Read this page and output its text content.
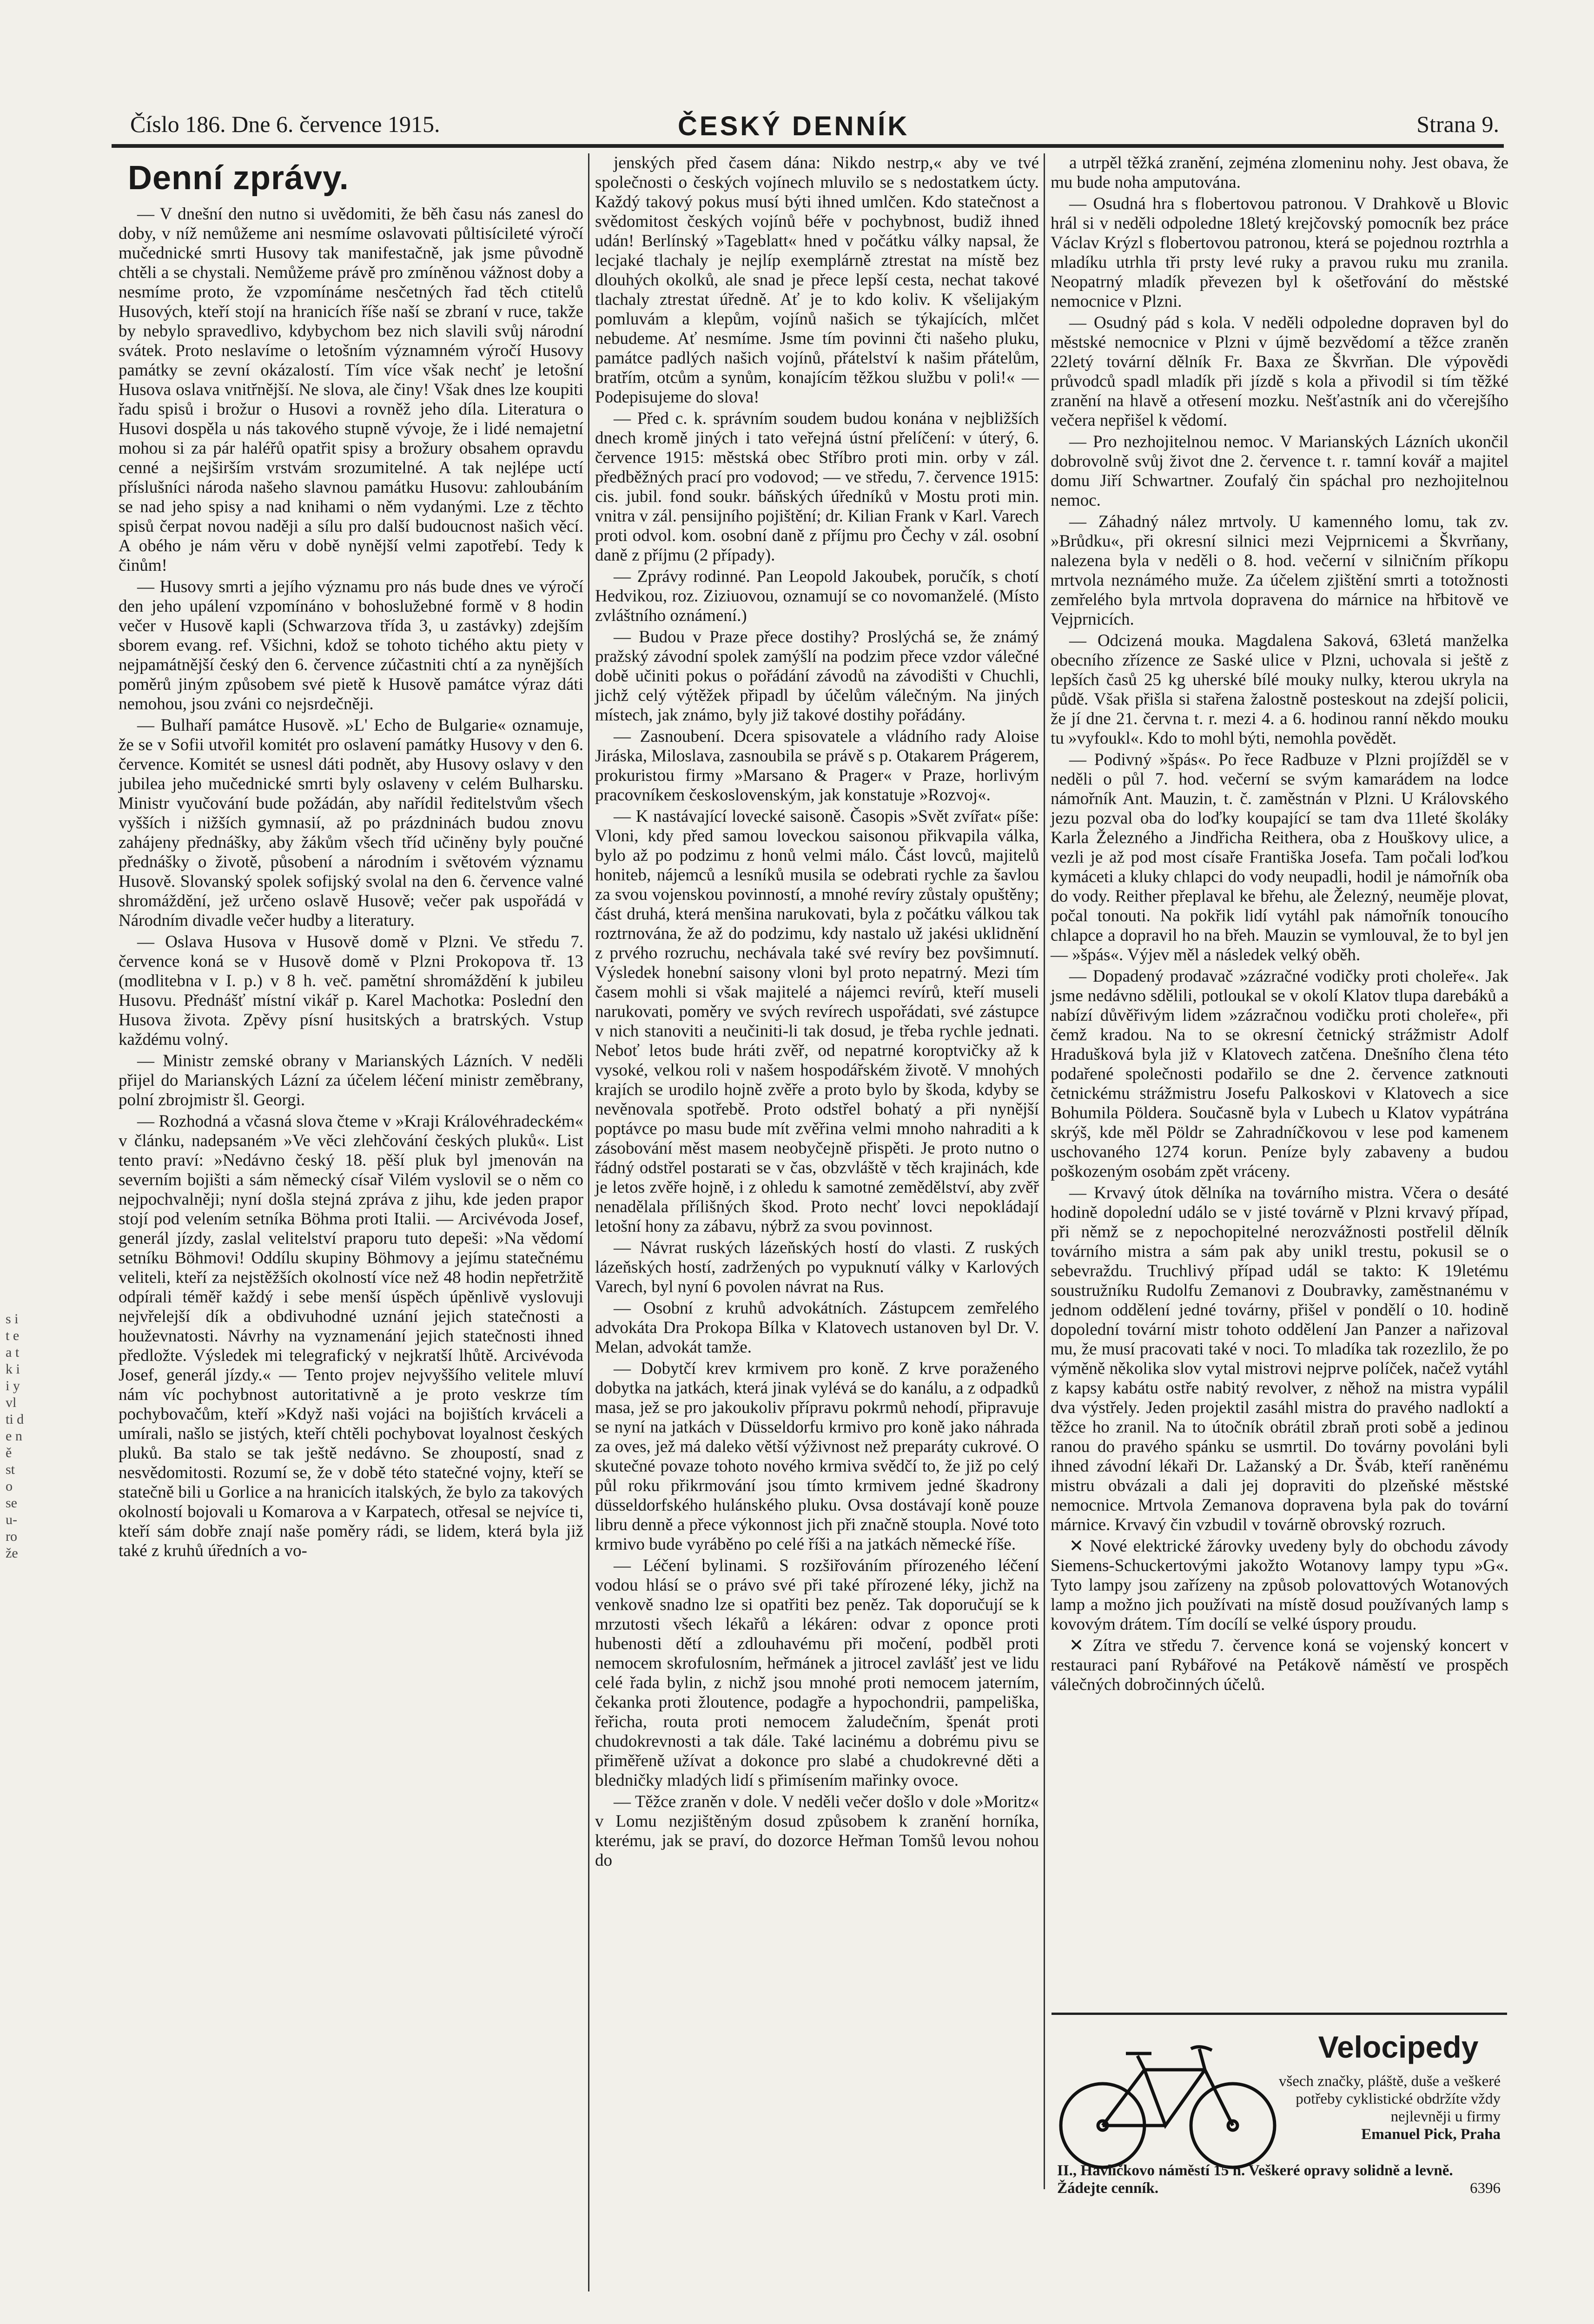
Číslo 186. Dne 6. července 1915.	ČESKÝ DENNÍK	Strana 9.
s i t e a t k i i y vl ti d e n ě st o se u- ro že
Denní zprávy.

— V dnešní den nutno si uvědomiti, že běh času nás zanesl do doby, v níž nemůžeme ani nesmíme oslavovati půltisícileté výročí mučednické smrti Husovy tak manifestačně, jak jsme původně chtěli a se chystali. Nemůžeme právě pro zmíněnou vážnost doby a nesmíme proto, že vzpomínáme nesčetných řad těch ctitelů Husových, kteří stojí na hranicích říše naší se zbraní v ruce, takže by nebylo spravedlivo, kdybychom bez nich slavili svůj národní svátek. Proto neslavíme o letošním významném výročí Husovy památky se zevní okázalostí. Tím více však nechť je letošní Husova oslava vnitřnější. Ne slova, ale činy! Však dnes lze koupiti řadu spisů i brožur o Husovi a rovněž jeho díla. Literatura o Husovi dospěla u nás takového stupně vývoje, že i lidé nemajetní mohou si za pár haléřů opatřit spisy a brožury obsahem opravdu cenné a nejširším vrstvám srozumitelné. A tak nejlépe uctí příslušníci národa našeho slavnou památku Husovu: zahloubáním se nad jeho spisy a nad knihami o něm vydanými. Lze z těchto spisů čerpat novou naději a sílu pro další budoucnost našich věcí. A obého je nám věru v době nynější velmi zapotřebí. Tedy k činům!

— Husovy smrti a jejího významu pro nás bude dnes ve výročí den jeho upálení vzpomínáno v bohoslužebné formě v 8 hodin večer v Husově kapli (Schwarzova třída 3, u zastávky) zdejším sborem evang. ref. Všichni, kdož se tohoto tichého aktu piety v nejpamátnější český den 6. července zúčastniti chtí a za nynějších poměrů jiným způsobem své pietě k Husově památce výraz dáti nemohou, jsou zváni co nejsrdečněji.

— Bulhaří památce Husově. »L' Echo de Bulgarie« oznamuje, že se v Sofii utvořil komitét pro oslavení památky Husovy v den 6. července. Komitét se usnesl dáti podnět, aby Husovy oslavy v den jubilea jeho mučednické smrti byly oslaveny v celém Bulharsku. Ministr vyučování bude požádán, aby nařídil ředitelstvům všech vyšších i nižších gymnasií, až po prázdninách budou znovu zahájeny přednášky, aby žákům všech tříd učiněny byly poučné přednášky o životě, působení a národním i světovém významu Husově. Slovanský spolek sofijský svolal na den 6. července valné shromáždění, jež určeno oslavě Husově; večer pak uspořádá v Národním divadle večer hudby a literatury.

— Oslava Husova v Husově domě v Plzni. Ve středu 7. července koná se v Husově domě v Plzni Prokopova tř. 13 (modlitebna v I. p.) v 8 h. več. pamětní shromáždění k jubileu Husovu. Přednášť místní vikář p. Karel Machotka: Poslední den Husova života. Zpěvy písní husitských a bratrských. Vstup každému volný.

— Ministr zemské obrany v Marianských Lázních. V neděli přijel do Marianských Lázní za účelem léčení ministr zeměbrany, polní zbrojmistr šl. Georgi.

— Rozhodná a včasná slova čteme v »Kraji Královéhradeckém« v článku, nadepsaném »Ve věci zlehčování českých pluků«. List tento praví: »Nedávno český 18. pěší pluk byl jmenován na severním bojišti a sám německý císař Vilém vyslovil se o něm co nejpochvalněji; nyní došla stejná zpráva z jihu, kde jeden prapor stojí pod velením setníka Böhma proti Italii. — Arcivévoda Josef, generál jízdy, zaslal velitelství praporu tuto depeši: »Na vědomí setníku Böhmovi! Oddílu skupiny Böhmovy a jejímu statečnému veliteli, kteří za nejstěžších okolností více než 48 hodin nepřetržitě odpírali téměř každý i sebe menší úspěch úpěnlivě vyslovuji nejvřelejší dík a obdivuhodné uznání jejich statečnosti a houževnatosti. Návrhy na vyznamenání jejich statečnosti ihned předložte. Výsledek mi telegrafický v nejkratší lhůtě. Arcivévoda Josef, generál jízdy.« — Tento projev nejvyššího velitele mluví nám víc pochybnost autoritativně a je proto veskrze tím pochybovačům, kteří »Když naši vojáci na bojištích krváceli a umírali, našlo se jistých, kteří chtěli pochybovat loyalnost českých pluků. Ba stalo se tak ještě nedávno. Se zhoupostí, snad z nesvědomitosti. Rozumí se, že v době této statečné vojny, kteří se statečně bili u Gorlice a na hranicích italských, že bylo za takových okolností bojovali u Komarova a v Karpatech, otřesal se nejvíce ti, kteří sám dobře znají naše poměry rádi, se lidem, která byla již také z kruhů úředních a vo-

jenských před časem dána: Nikdo nestrp,« aby ve tvé společnosti o českých vojínech mluvilo se s nedostatkem úcty. Každý takový pokus musí býti ihned umlčen. Kdo statečnost a svědomitost českých vojínů béře v pochybnost, budiž ihned udán! Berlínský »Tageblatt« hned v počátku války napsal, že lecjaké tlachaly je nejlíp exemplárně ztrestat na místě bez dlouhých okolků, ale snad je přece lepší cesta, nechat takové tlachaly ztrestat úředně. Ať je to kdo koliv. K všelijakým pomluvám a klepům, vojínů našich se týkajících, mlčet nebudeme. Ať nesmíme. Jsme tím povinni čti našeho pluku, památce padlých našich vojínů, přátelství k našim přátelům, bratřím, otcům a synům, konajícím těžkou službu v poli!« — Podepisujeme do slova!

— Před c. k. správním soudem budou konána v nejbližších dnech kromě jiných i tato veřejná ústní přelíčení: v úterý, 6. července 1915: městská obec Stříbro proti min. orby v zál. předběžných prací pro vodovod; — ve středu, 7. července 1915: cis. jubil. fond soukr. báňských úředníků v Mostu proti min. vnitra v zál. pensijního pojištění; dr. Kilian Frank v Karl. Varech proti odvol. kom. osobní daně z příjmu pro Čechy v zál. osobní daně z příjmu (2 případy).

— Zprávy rodinné. Pan Leopold Jakoubek, poručík, s chotí Hedvikou, roz. Ziziuovou, oznamují se co novomanželé. (Místo zvláštního oznámení.)

— Budou v Praze přece dostihy? Proslýchá se, že známý pražský závodní spolek zamýšlí na podzim přece vzdor válečné době učiniti pokus o pořádání závodů na závodišti v Chuchli, jichž celý výtěžek připadl by účelům válečným. Na jiných místech, jak známo, byly již takové dostihy pořádány.

— Zasnoubení. Dcera spisovatele a vládního rady Aloise Jiráska, Miloslava, zasnoubila se právě s p. Otakarem Prágerem, prokuristou firmy »Marsano & Prager« v Praze, horlivým pracovníkem československým, jak konstatuje »Rozvoj«.

— K nastávající lovecké saisoně. Časopis »Svět zvířat« píše: Vloni, kdy před samou loveckou saisonou přikvapila válka, bylo až po podzimu z honů velmi málo. Část lovců, majitelů honiteb, nájemců a lesníků musila se odebrati rychle za šavlou za svou vojenskou povinností, a mnohé revíry zůstaly opuštěny; část druhá, která menšina narukovati, byla z počátku válkou tak roztrnována, že až do podzimu, kdy nastalo už jakési uklidnění z prvého rozruchu, nechávala také své revíry bez povšimnutí. Výsledek honební saisony vloni byl proto nepatrný. Mezi tím časem mohli si však majitelé a nájemci revírů, kteří museli narukovati, poměry ve svých revírech uspořádati, své zástupce v nich stanoviti a neučiniti-li tak dosud, je třeba rychle jednati. Neboť letos bude hráti zvěř, od nepatrné koroptvičky až k vysoké, velkou roli v našem hospodářském životě. V mnohých krajích se urodilo hojně zvěře a proto bylo by škoda, kdyby se nevěnovala spotřebě. Proto odstřel bohatý a při nynější poptávce po masu bude mít zvěřina velmi mnoho nahraditi a k zásobování měst masem neobyčejně přispěti. Je proto nutno o řádný odstřel postarati se v čas, obzvláště v těch krajinách, kde je letos zvěře hojně, i z ohledu k samotné zemědělství, aby zvěř nenadělala přílišných škod. Proto nechť lovci nepokládají letošní hony za zábavu, nýbrž za svou povinnost.

— Návrat ruských lázeňských hostí do vlasti. Z ruských lázeňských hostí, zadržených po vypuknutí války v Karlových Varech, byl nyní 6 povolen návrat na Rus.

— Osobní z kruhů advokátních. Zástupcem zemřelého advokáta Dra Prokopa Bílka v Klatovech ustanoven byl Dr. V. Melan, advokát tamže.

— Dobytčí krev krmivem pro koně. Z krve poraženého dobytka na jatkách, která jinak vylévá se do kanálu, a z odpadků masa, jež se pro jakoukoliv přípravu pokrmů nehodí, připravuje se nyní na jatkách v Düsseldorfu krmivo pro koně jako náhrada za oves, jež má daleko větší výživnost než preparáty cukrové. O skutečné povaze tohoto nového krmiva svědčí to, že již po celý půl roku přikrmování jsou tímto krmivem jedné škadrony düsseldorfského hulánského pluku. Ovsa dostávají koně pouze libru denně a přece výkonnost jich při značně stoupla. Nové toto krmivo bude vyráběno po celé říši a na jatkách německé říše.

— Léčení bylinami. S rozšiřováním přírozeného léčení vodou hlásí se o právo své při také přírozené léky, jichž na venkově snadno lze si opatřiti bez peněz. Tak doporučují se k mrzutosti všech lékařů a lékáren: odvar z oponce proti hubenosti dětí a zdlouhavému při močení, podběl proti nemocem skrofulosním, heřmánek a jitrocel zavlášť jest ve lidu celé řada bylin, z nichž jsou mnohé proti nemocem jaterním, čekanka proti žloutence, podagře a hypochondrii, pampeliška, řeřicha, routa proti nemocem žaludečním, špenát proti chudokrevnosti a tak dále. Také lacinému a dobrému pivu se přiměřeně užívat a dokonce pro slabé a chudokrevné děti a bledničky mladých lidí s přimísením mařinky ovoce.

— Těžce zraněn v dole. V neděli večer došlo v dole »Moritz« v Lomu nezjištěným dosud způsobem k zranění horníka, kterému, jak se praví, do dozorce Heřman Tomšů levou nohou do

a utrpěl těžká zranění, zejména zlomeninu nohy. Jest obava, že mu bude noha amputována.

— Osudná hra s flobertovou patronou. V Drahkově u Blovic hrál si v neděli odpoledne 18letý krejčovský pomocník bez práce Václav Krýzl s flobertovou patronou, která se pojednou roztrhla a mladíku utrhla tři prsty levé ruky a pravou ruku mu zranila. Neopatrný mladík převezen byl k ošetřování do městské nemocnice v Plzni.

— Osudný pád s kola. V neděli odpoledne dopraven byl do městské nemocnice v Plzni v újmě bezvědomí a těžce zraněn 22letý tovární dělník Fr. Baxa ze Škvrňan. Dle výpovědi průvodců spadl mladík při jízdě s kola a přivodil si tím těžké zranění na hlavě a otřesení mozku. Nešťastník ani do včerejšího večera nepřišel k vědomí.

— Pro nezhojitelnou nemoc. V Marianských Lázních ukončil dobrovolně svůj život dne 2. července t. r. tamní kovář a majitel domu Jiří Schwartner. Zoufalý čin spáchal pro nezhojitelnou nemoc.

— Záhadný nález mrtvoly. U kamenného lomu, tak zv. »Brůdku«, při okresní silnici mezi Vejprnicemi a Škvrňany, nalezena byla v neděli o 8. hod. večerní v silničním příkopu mrtvola neznámého muže. Za účelem zjištění smrti a totožnosti zemřelého byla mrtvola dopravena do márnice na hřbitově ve Vejprnicích.

— Odcizená mouka. Magdalena Saková, 63letá manželka obecního zřízence ze Saské ulice v Plzni, uchovala si ještě z lepších časů 25 kg uherské bílé mouky nulky, kterou ukryla na půdě. Však přišla si stařena žalostně posteskout na zdejší policii, že jí dne 21. června t. r. mezi 4. a 6. hodinou ranní někdo mouku tu »vyfoukl«. Kdo to mohl býti, nemohla povědět.

— Podivný »špás«. Po řece Radbuze v Plzni projížděl se v neděli o půl 7. hod. večerní se svým kamarádem na lodce námořník Ant. Mauzin, t. č. zaměstnán v Plzni. U Královského jezu pozval oba do loďky koupající se tam dva 11leté školáky Karla Železného a Jindřicha Reithera, oba z Houškovy ulice, a vezli je až pod most císaře Františka Josefa. Tam počali loďkou kymáceti a kluky chlapci do vody neupadli, hodil je námořník oba do vody. Reither přeplaval ke břehu, ale Železný, neuměje plovat, počal tonouti. Na pokřik lidí vytáhl pak námořník tonoucího chlapce a dopravil ho na břeh. Mauzin se vymlouval, že to byl jen — »špás«. Výjev měl a následek velký oběh.

— Dopadený prodavač »zázračné vodičky proti choleře«. Jak jsme nedávno sdělili, potloukal se v okolí Klatov tlupa darebáků a nabízí důvěřivým lidem »zázračnou vodičku proti choleře«, při čemž kradou. Na to se okresní četnický strážmistr Adolf Hradušková byla již v Klatovech zatčena. Dnešního člena této podařené společnosti podařilo se dne 2. července zatknouti četnickému strážmistru Josefu Palkoskovi v Klatovech a sice Bohumila Pöldera. Současně byla v Lubech u Klatov vypátrána skrýš, kde měl Pöldr se Zahradníčkovou v lese pod kamenem uschovaného 1274 korun. Peníze byly zabaveny a budou poškozeným osobám zpět vráceny.

— Krvavý útok dělníka na továrního mistra. Včera o desáté hodině dopolední událo se v jisté továrně v Plzni krvavý případ, při němž se z nepochopitelné nerozvážnosti postřelil dělník továrního mistra a sám pak aby unikl trestu, pokusil se o sebevraždu. Truchlivý případ udál se takto: K 19letému soustružníku Rudolfu Zemanovi z Doubravky, zaměstnanému v jednom oddělení jedné továrny, přišel v pondělí o 10. hodině dopolední tovární mistr tohoto oddělení Jan Panzer a nařizoval mu, že musí pracovati také v noci. To mladíka tak rozezlilo, že po výměně několika slov vytal mistrovi nejprve políček, načež vytáhl z kapsy kabátu ostře nabitý revolver, z něhož na mistra vypálil dva výstřely. Jeden projektil zasáhl mistra do pravého nadloktí a těžce ho zranil. Na to útočník obrátil zbraň proti sobě a jedinou ranou do pravého spánku se usmrtil. Do továrny povoláni byli ihned závodní lékaři Dr. Lažanský a Dr. Šváb, kteří raněnému mistru obvázali a dali jej dopraviti do plzeňské městské nemocnice. Mrtvola Zemanova dopravena byla pak do tovární márnice. Krvavý čin vzbudil v továrně obrovský rozruch.

✕ Nové elektrické žárovky uvedeny byly do obchodu závody Siemens-Schuckertovými jakožto Wotanovy lampy typu »G«. Tyto lampy jsou zařízeny na způsob polovattových Wotanových lamp a možno jich používati na místě dosud používaných lamp s kovovým drátem. Tím docílí se velké úspory proudu.

✕ Zítra ve středu 7. července koná se vojenský koncert v restauraci paní Rybářové na Petákově náměstí ve prospěch válečných dobročinných účelů.

Velocipedy
všech značky, pláště, duše a veškeré potřeby cyklistické obdržíte vždy nejlevněji u firmy
Emanuel Pick, Praha
II., Havlíčkovo náměstí 15 n. Veškeré opravy solidně a levně. Žádejte cenník.	6396
